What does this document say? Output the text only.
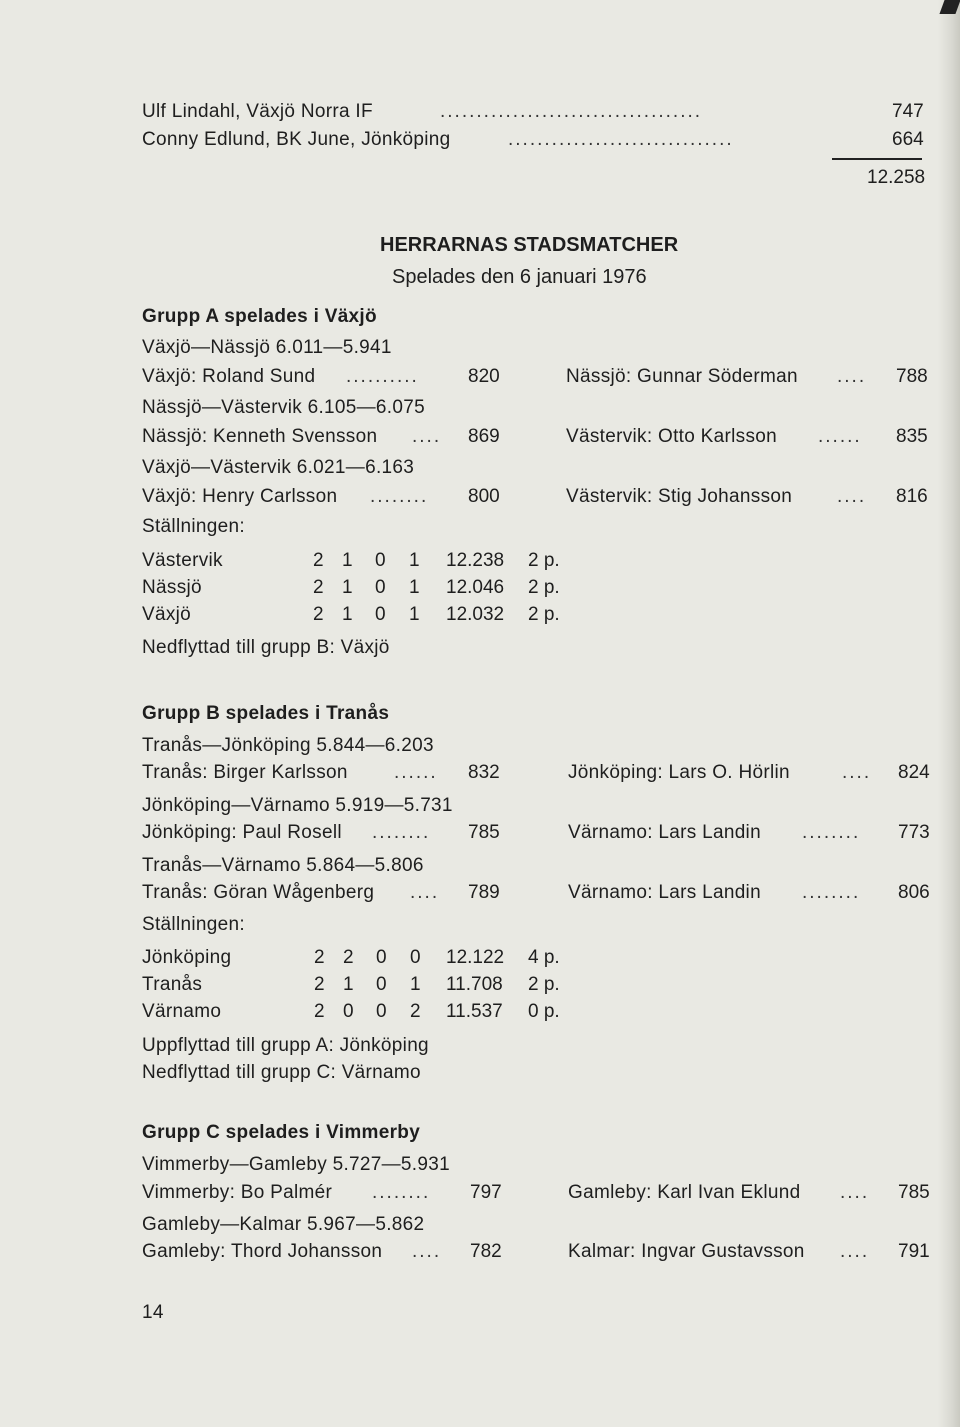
Ulf Lindahl, Växjö Norra IF	....................................	747
Conny Edlund, BK June, Jönköping	...............................	664
12.258
HERRARNAS STADSMATCHER
Spelades den 6 januari 1976
Grupp A spelades i Växjö
Växjö—Nässjö 6.011—5.941
Växjö: Roland Sund ..........	820	Nässjö: Gunnar Söderman ....	788
Nässjö—Västervik 6.105—6.075
Nässjö: Kenneth Svensson ....	869	Västervik: Otto Karlsson ......	835
Växjö—Västervik 6.021—6.163
Växjö: Henry Carlsson ........	800	Västervik: Stig Johansson ....	816
Ställningen:
Västervik	2 1 0 1 12.238 2 p.
Nässjö	2 1 0 1 12.046 2 p.
Växjö	2 1 0 1 12.032 2 p.
Nedflyttad till grupp B: Växjö
Grupp B spelades i Tranås
Tranås—Jönköping 5.844—6.203
Tranås: Birger Karlsson ......	832	Jönköping: Lars O. Hörlin	....	824
Jönköping—Värnamo 5.919—5.731
Jönköping: Paul Rosell ........	785	Värnamo: Lars Landin ........	773
Tranås—Värnamo 5.864—5.806
Tranås: Göran Wågenberg ....	789	Värnamo: Lars Landin ........	806
Ställningen:
Jönköping	2 2 0 0 12.122 4 p.
Tranås	2 1 0 1 11.708 2 p.
Värnamo	2 0 0 2 11.537 0 p.
Uppflyttad till grupp A: Jönköping
Nedflyttad till grupp C: Värnamo
Grupp C spelades i Vimmerby
Vimmerby—Gamleby 5.727—5.931
Vimmerby: Bo Palmér ........	797	Gamleby: Karl Ivan Eklund ....	785
Gamleby—Kalmar 5.967—5.862
Gamleby: Thord Johansson ....	782	Kalmar: Ingvar Gustavsson ....	791
14
